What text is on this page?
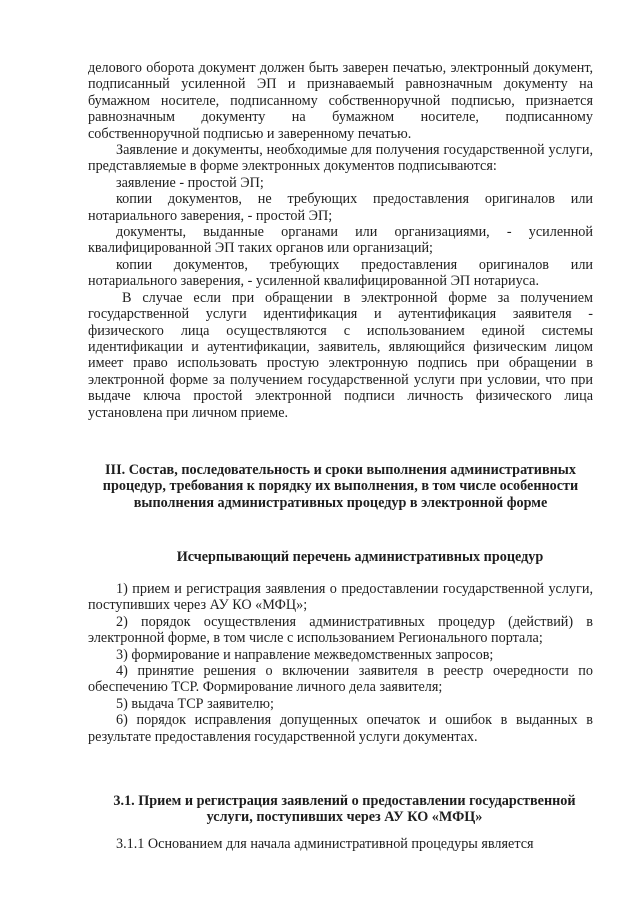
делового оборота документ должен быть заверен печатью, электронный документ, подписанный усиленной ЭП и признаваемый равнозначным документу на бумажном носителе, подписанному собственноручной подписью, признается равнозначным документу на бумажном носителе, подписанному собственноручной подписью и заверенному печатью.

Заявление и документы, необходимые для получения государственной услуги, представляемые в форме электронных документов подписываются:

заявление - простой ЭП;

копии документов, не требующих предоставления оригиналов или нотариального заверения, - простой ЭП;

документы, выданные органами или организациями, - усиленной квалифицированной ЭП таких органов или организаций;

копии документов, требующих предоставления оригиналов или нотариального заверения, - усиленной квалифицированной ЭП нотариуса.

В случае если при обращении в электронной форме за получением государственной услуги идентификация и аутентификация заявителя - физического лица осуществляются с использованием единой системы идентификации и аутентификации, заявитель, являющийся физическим лицом имеет право использовать простую электронную подпись при обращении в электронной форме за получением государственной услуги при условии, что при выдаче ключа простой электронной подписи личность физического лица установлена при личном приеме.

III. Состав, последовательность и сроки выполнения административных процедур, требования к порядку их выполнения, в том числе особенности выполнения административных процедур в электронной форме

Исчерпывающий перечень административных процедур

1) прием и регистрация заявления о предоставлении государственной услуги, поступивших через АУ КО «МФЦ»;

2) порядок осуществления административных процедур (действий) в электронной форме, в том числе с использованием Регионального портала;

3) формирование и направление межведомственных запросов;

4) принятие решения о включении заявителя в реестр очередности по обеспечению ТСР. Формирование личного дела заявителя;

5) выдача ТСР заявителю;

6) порядок исправления допущенных опечаток и ошибок в выданных в результате предоставления государственной услуги документах.

3.1. Прием и регистрация заявлений о предоставлении государственной услуги, поступивших через АУ КО «МФЦ»

3.1.1 Основанием для начала административной процедуры является
